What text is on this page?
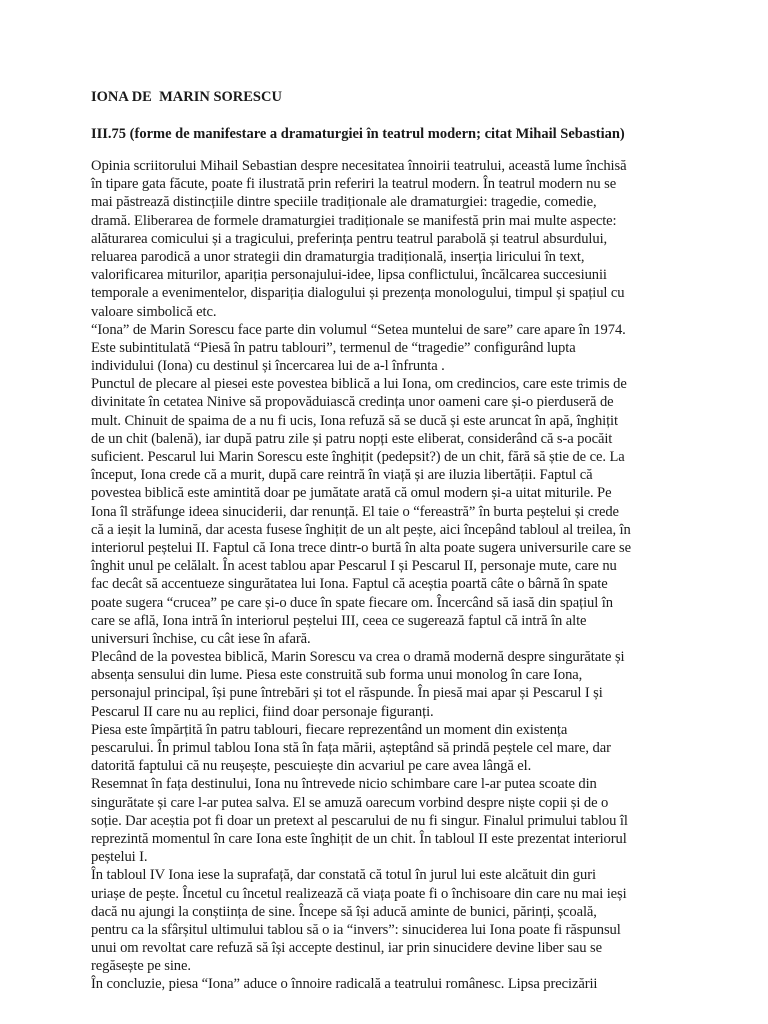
IONA DE  MARIN SORESCU
III.75 (forme de manifestare a dramaturgiei în teatrul modern; citat Mihail Sebastian)
Opinia scriitorului Mihail Sebastian despre necesitatea înnoirii teatrului, această lume închisă
în tipare gata făcute, poate fi ilustrată prin referiri la teatrul modern. În teatrul modern nu se
mai păstrează distincțiile dintre speciile tradiționale ale dramaturgiei: tragedie, comedie,
dramă. Eliberarea de formele dramaturgiei tradiționale se manifestă prin mai multe aspecte:
alăturarea comicului și a tragicului, preferința pentru teatrul parabolă și teatrul absurdului,
reluarea parodică a unor strategii din dramaturgia tradițională, inserția liricului în text,
valorificarea miturilor, apariția personajului-idee, lipsa conflictului, încălcarea succesiunii
temporale a evenimentelor, dispariția dialogului și prezența monologului, timpul și spațiul cu
valoare simbolică etc.
“Iona” de Marin Sorescu face parte din volumul “Setea muntelui de sare” care apare în 1974.
Este subintitulată “Piesă în patru tablouri”, termenul de “tragedie” configurând lupta
individului (Iona) cu destinul și încercarea lui de a-l înfrunta .
Punctul de plecare al piesei este povestea biblică a lui Iona, om credincios, care este trimis de
divinitate în cetatea Ninive să propovăduiască credința unor oameni care și-o pierduseră de
mult. Chinuit de spaima de a nu fi ucis, Iona refuză să se ducă și este aruncat în apă, înghițit
de un chit (balenă), iar după patru zile și patru nopți este eliberat, considerând că s-a pocăit
suficient. Pescarul lui Marin Sorescu este înghițit (pedepsit?) de un chit, fără să știe de ce. La
început, Iona crede că a murit, după care reintră în viață și are iluzia libertății. Faptul că
povestea biblică este amintită doar pe jumătate arată că omul modern și-a uitat miturile. Pe
Iona îl străfunge ideea sinuciderii, dar renunță. El taie o “fereastră” în burta peștelui și crede
că a ieșit la lumină, dar acesta fusese înghițit de un alt pește, aici începând tabloul al treilea, în
interiorul peștelui II. Faptul că Iona trece dintr-o burtă în alta poate sugera universurile care se
înghit unul pe celălalt. În acest tablou apar Pescarul I și Pescarul II, personaje mute, care nu
fac decât să accentueze singurătatea lui Iona. Faptul că aceștia poartă câte o bârnă în spate
poate sugera “crucea” pe care și-o duce în spate fiecare om. Încercând să iasă din spațiul în
care se află, Iona intră în interiorul peștelui III, ceea ce sugerează faptul că intră în alte
universuri închise, cu cât iese în afară.
Plecând de la povestea biblică, Marin Sorescu va crea o dramă modernă despre singurătate și
absența sensului din lume. Piesa este construită sub forma unui monolog în care Iona,
personajul principal, își pune întrebări și tot el răspunde. În piesă mai apar și Pescarul I și
Pescarul II care nu au replici, fiind doar personaje figuranți.
Piesa este împărțită în patru tablouri, fiecare reprezentând un moment din existența
pescarului. În primul tablou Iona stă în fața mării, așteptând să prindă peștele cel mare, dar
datorită faptului că nu reușește, pescuiește din acvariul pe care avea lângă el.
Resemnat în fața destinului, Iona nu întrevede nicio schimbare care l-ar putea scoate din
singurătate și care l-ar putea salva. El se amuză oarecum vorbind despre niște copii și de o
soție. Dar aceștia pot fi doar un pretext al pescarului de nu fi singur. Finalul primului tablou îl
reprezintă momentul în care Iona este înghițit de un chit. În tabloul II este prezentat interiorul
peștelui I.
În tabloul IV Iona iese la suprafață, dar constată că totul în jurul lui este alcătuit din guri
uriașe de pește. Încetul cu încetul realizează că viața poate fi o închisoare din care nu mai ieși
dacă nu ajungi la conștiința de sine. Începe să își aducă aminte de bunici, părinți, școală,
pentru ca la sfârșitul ultimului tablou să o ia “invers”: sinuciderea lui Iona poate fi răspunsul
unui om revoltat care refuză să își accepte destinul, iar prin sinucidere devine liber sau se
regăsește pe sine.
În concluzie, piesa “Iona” aduce o înnoire radicală a teatrului românesc. Lipsa precizării
